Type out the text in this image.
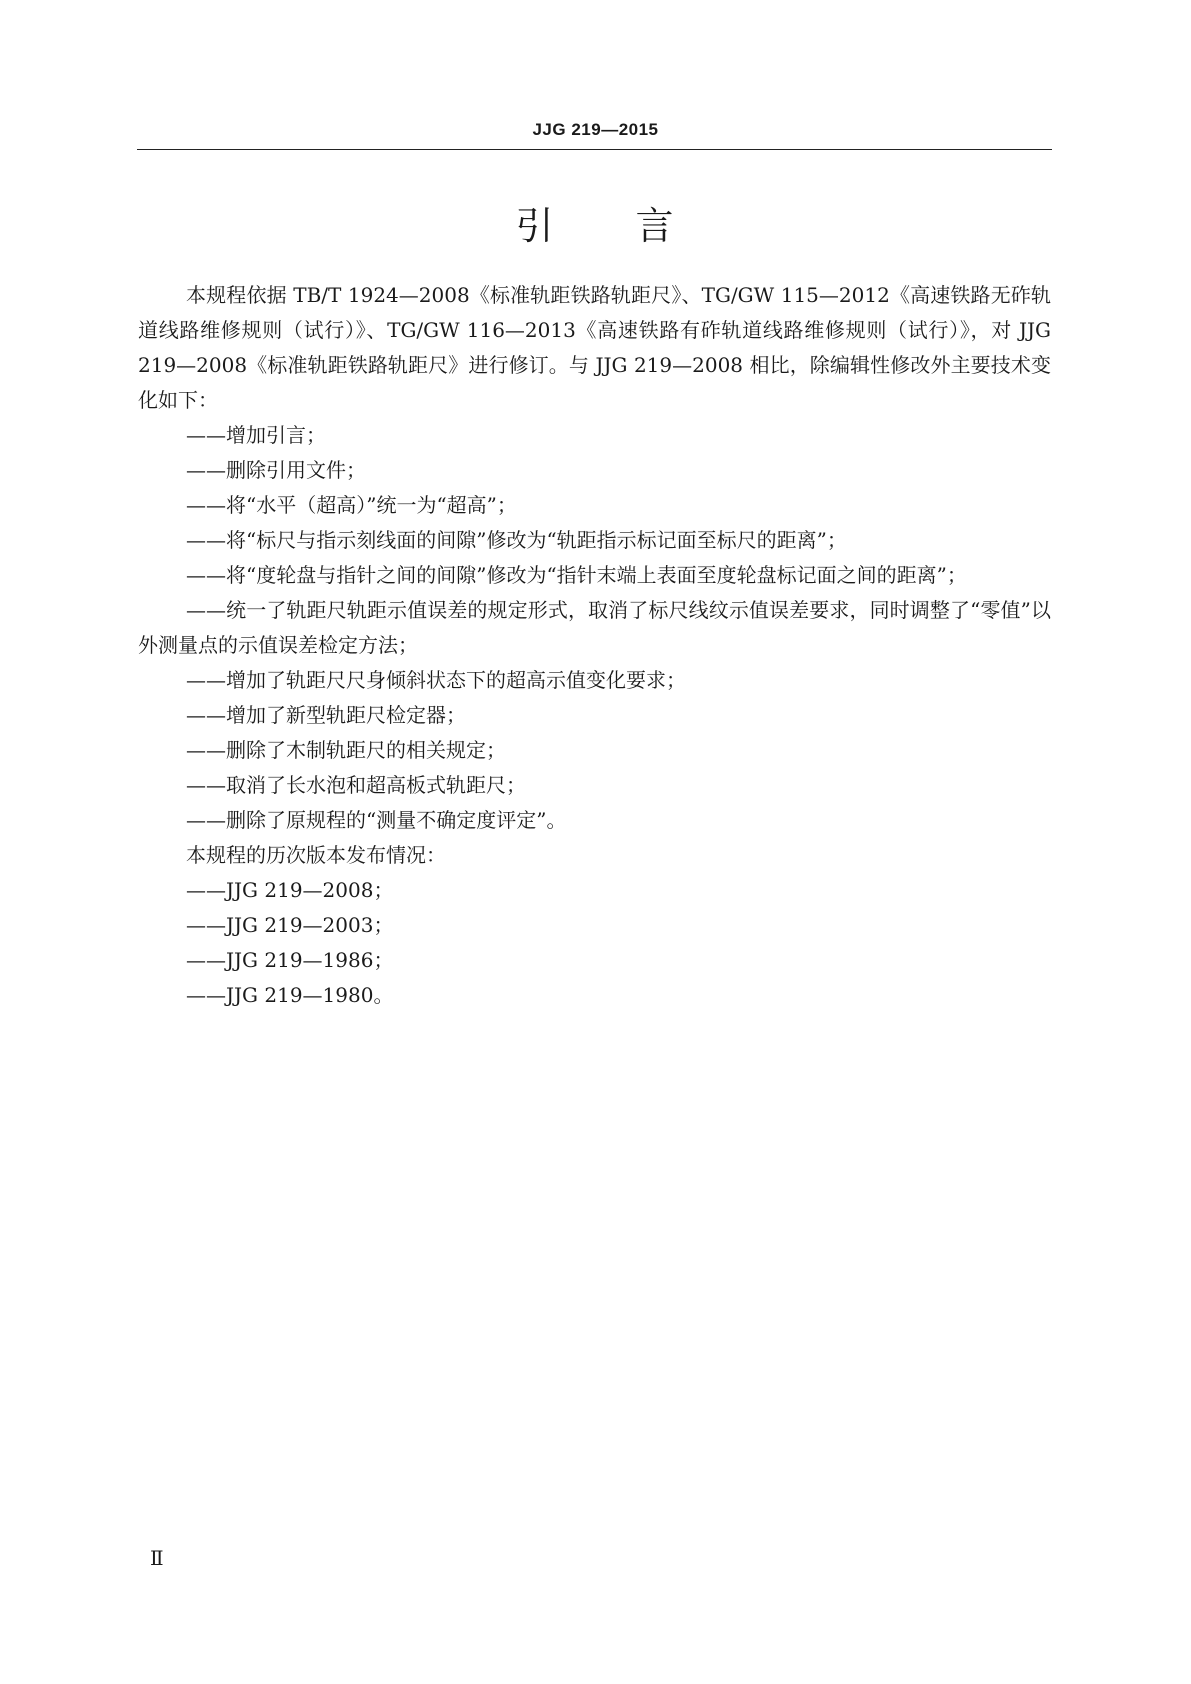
JJG 219—2015
引 言

本规程依据 TB/T 1924—2008《标准轨距铁路轨距尺》、TG/GW 115—2012《高速铁路无砟轨道线路维修规则（试行）》、TG/GW 116—2013《高速铁路有砟轨道线路维修规则（试行）》，对 JJG 219—2008《标准轨距铁路轨距尺》进行修订。与 JJG 219—2008 相比，除编辑性修改外主要技术变化如下：

——增加引言；

——删除引用文件；

——将“水平（超高）”统一为“超高”；

——将“标尺与指示刻线面的间隙”修改为“轨距指示标记面至标尺的距离”；

——将“度轮盘与指针之间的间隙”修改为“指针末端上表面至度轮盘标记面之间的距离”；

——统一了轨距尺轨距示值误差的规定形式，取消了标尺线纹示值误差要求，同时调整了“零值”以外测量点的示值误差检定方法；

——增加了轨距尺尺身倾斜状态下的超高示值变化要求；

——增加了新型轨距尺检定器；

——删除了木制轨距尺的相关规定；

——取消了长水泡和超高板式轨距尺；

——删除了原规程的“测量不确定度评定”。

本规程的历次版本发布情况：

——JJG 219—2008；

——JJG 219—2003；

——JJG 219—1986；

——JJG 219—1980。

Ⅱ
